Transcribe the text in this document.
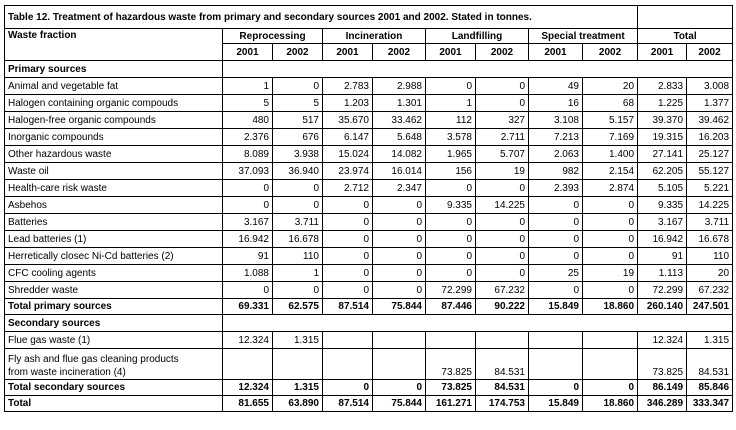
Table 12. Treatment of hazardous waste from primary and secondary sources 2001 and 2002. Stated in tonnes.										
Waste fraction	Reprocessing		Incineration		Landfilling		Special treatment		Total	
	2001	2002	2001	2002	2001	2002	2001	2002	2001	2002
Primary sources										
Animal and vegetable fat	1	0	2.783	2.988	0	0	49	20	2.833	3.008
Halogen containing organic compouds	5	5	1.203	1.301	1	0	16	68	1.225	1.377
Halogen-free organic compounds	480	517	35.670	33.462	112	327	3.108	5.157	39.370	39.462
Inorganic compounds	2.376	676	6.147	5.648	3.578	2.711	7.213	7.169	19.315	16.203
Other hazardous waste	8.089	3.938	15.024	14.082	1.965	5.707	2.063	1.400	27.141	25.127
Waste oil	37.093	36.940	23.974	16.014	156	19	982	2.154	62.205	55.127
Health-care risk waste	0	0	2.712	2.347	0	0	2.393	2.874	5.105	5.221
Asbehos	0	0	0	0	9.335	14.225	0	0	9.335	14.225
Batteries	3.167	3.711	0	0	0	0	0	0	3.167	3.711
Lead batteries (1)	16.942	16.678	0	0	0	0	0	0	16.942	16.678
Herretically closec Ni-Cd batteries (2)	91	110	0	0	0	0	0	0	91	110
CFC cooling agents	1.088	1	0	0	0	0	25	19	1.113	20
Shredder waste	0	0	0	0	72.299	67.232	0	0	72.299	67.232
Total primary sources	69.331	62.575	87.514	75.844	87.446	90.222	15.849	18.860	260.140	247.501
Secondary sources										
Flue gas waste (1)	12.324	1.315							12.324	1.315

Fly ash and flue gas cleaning products
from waste incineration (4)					73.825	84.531			73.825	84.531
Total secondary sources	12.324	1.315	0	0	73.825	84.531	0	0	86.149	85.846
Total	81.655	63.890	87.514	75.844	161.271	174.753	15.849	18.860	346.289	333.347
